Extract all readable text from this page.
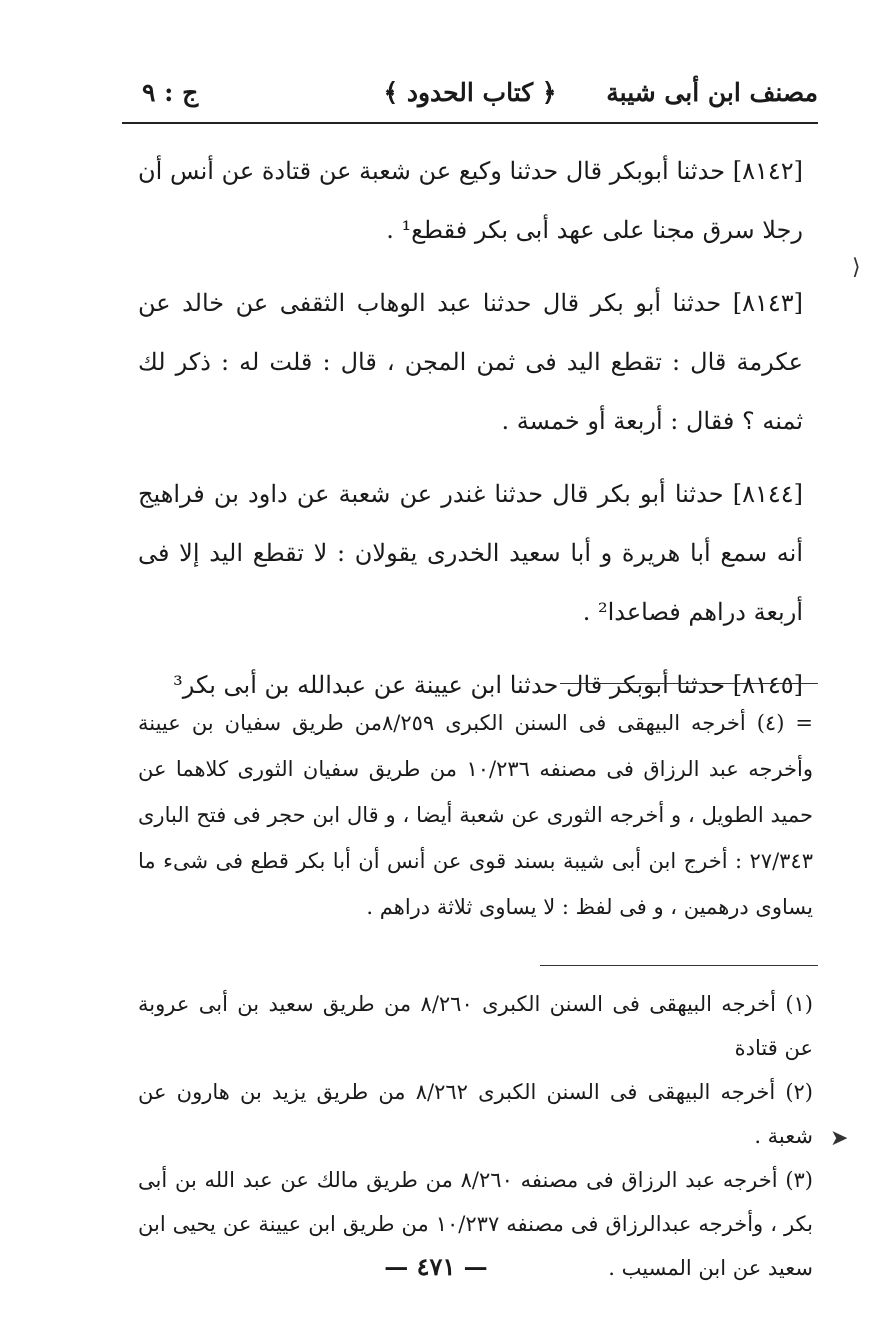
مصنف ابن أبى شيبة
﴿ كتاب الحدود ﴾
ج : ٩

[٨١٤٢] حدثنا أبوبكر قال حدثنا وكيع عن شعبة عن قتادة عن أنس أن رجلا سرق مجنا على عهد أبى بكر فقطع¹ .

[٨١٤٣] حدثنا أبو بكر قال حدثنا عبد الوهاب الثقفى عن خالد عن عكرمة قال : تقطع اليد فى ثمن المجن ، قال : قلت له : ذكر لك ثمنه ؟ فقال : أربعة أو خمسة .

[٨١٤٤] حدثنا أبو بكر قال حدثنا غندر عن شعبة عن داود بن فراهيج أنه سمع أبا هريرة و أبا سعيد الخدرى يقولان : لا تقطع اليد إلا فى أربعة دراهم فصاعدا² .

[٨١٤٥] حدثنا أبوبكر قال حدثنا ابن عيينة عن عبدالله بن أبى بكر³

= (٤) أخرجه البيهقى فى السنن الكبرى ٨/٢٥٩من طريق سفيان بن عيينة وأخرجه عبد الرزاق فى مصنفه ١٠/٢٣٦ من طريق سفيان الثورى كلاهما عن حميد الطويل ، و أخرجه الثورى عن شعبة أيضا ، و قال ابن حجر فى فتح البارى ٢٧/٣٤٣ : أخرج ابن أبى شيبة بسند قوى عن أنس أن أبا بكر قطع فى شىء ما يساوى درهمين ، و فى لفظ : لا يساوى ثلاثة دراهم .

(١) أخرجه البيهقى فى السنن الكبرى ٨/٢٦٠ من طريق سعيد بن أبى عروبة عن قتادة

(٢) أخرجه البيهقى فى السنن الكبرى ٨/٢٦٢ من طريق يزيد بن هارون عن شعبة .

(٣) أخرجه عبد الرزاق فى مصنفه ٨/٢٦٠ من طريق مالك عن عبد الله بن أبى بكر ، وأخرجه عبدالرزاق فى مصنفه ١٠/٢٣٧ من طريق ابن عيينة عن يحيى ابن سعيد عن ابن المسيب .

— ٤٧١ —
⟩
➤
